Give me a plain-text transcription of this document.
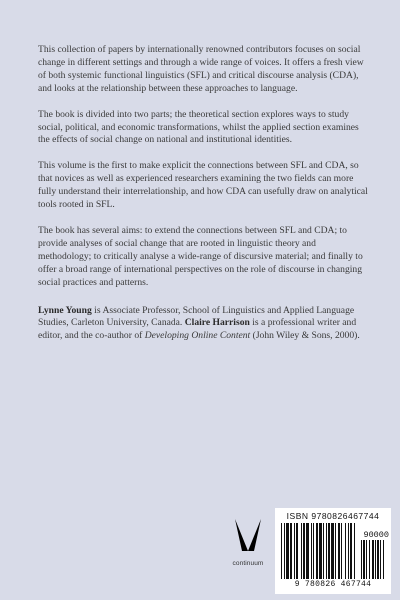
This collection of papers by internationally renowned contributors focuses on social change in different settings and through a wide range of voices. It offers a fresh view of both systemic functional linguistics (SFL) and critical discourse analysis (CDA), and looks at the relationship between these approaches to language.

The book is divided into two parts; the theoretical section explores ways to study social, political, and economic transformations, whilst the applied section examines the effects of social change on national and institutional identities.

This volume is the first to make explicit the connections between SFL and CDA, so that novices as well as experienced researchers examining the two fields can more fully understand their interrelationship, and how CDA can usefully draw on analytical tools rooted in SFL.

The book has several aims: to extend the connections between SFL and CDA; to provide analyses of social change that are rooted in linguistic theory and methodology; to critically analyse a wide-range of discursive material; and finally to offer a broad range of international perspectives on the role of discourse in changing social practices and patterns.

Lynne Young is Associate Professor, School of Linguistics and Applied Language Studies, Carleton University, Canada. Claire Harrison is a professional writer and editor, and the co-author of Developing Online Content (John Wiley & Sons, 2000).

continuum
ISBN 9780826467744
90000
9 780826 467744
